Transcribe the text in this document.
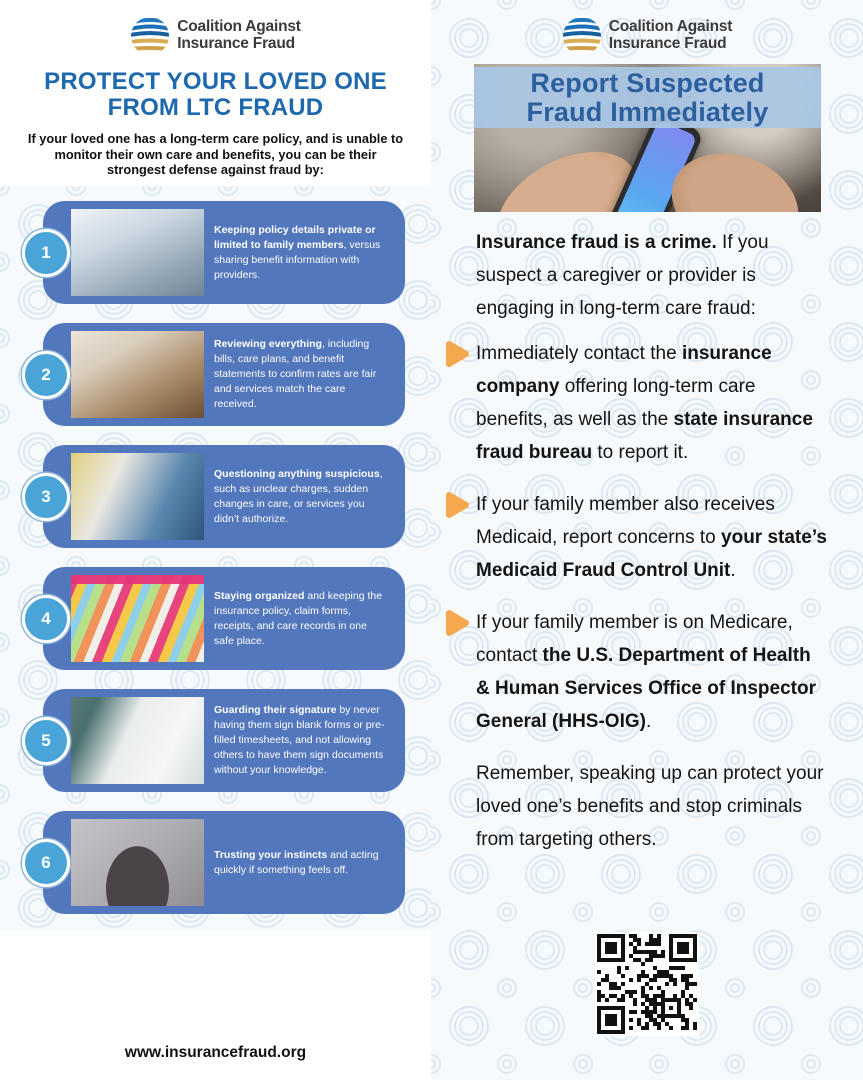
Coalition Against
Insurance Fraud
PROTECT YOUR LOVED ONE
FROM LTC FRAUD

If your loved one has a long-term care policy, and is unable to monitor their own care and benefits, you can be their strongest defense against fraud by:

1
Keeping policy details private or limited to family members, versus sharing benefit information with providers.
2
Reviewing everything, including bills, care plans, and benefit statements to confirm rates are fair and services match the care received.
3
Questioning anything suspicious, such as unclear charges, sudden changes in care, or services you didn’t authorize.
4
Staying organized and keeping the insurance policy, claim forms, receipts, and care records in one safe place.
5
Guarding their signature by never having them sign blank forms or pre-filled timesheets, and not allowing others to have them sign documents without your knowledge.
6	Trusting your instincts and acting quickly if something feels off.
www.insurancefraud.org
Coalition Against
Insurance Fraud
Report Suspected
Fraud Immediately

Insurance fraud is a crime. If you suspect a caregiver or provider is engaging in long-term care fraud:

Immediately contact the insurance company offering long-term care benefits, as well as the state insurance fraud bureau to report it.
If your family member also receives Medicaid, report concerns to your state’s Medicaid Fraud Control Unit.
If your family member is on Medicare, contact the U.S. Department of Health & Human Services Office of Inspector General (HHS-OIG).

Remember, speaking up can protect your loved one’s benefits and stop criminals from targeting others.
